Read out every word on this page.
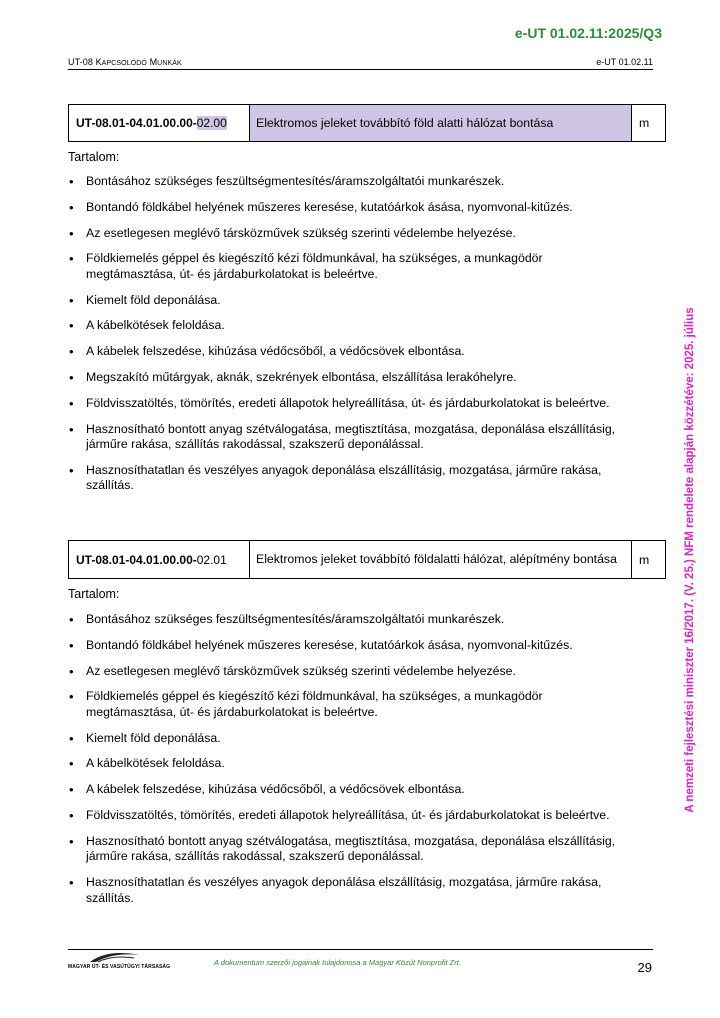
e-UT 01.02.11:2025/Q3
UT-08 KAPCSOLÓDÓ MUNKÁK	e-UT 01.02.11
A nemzeti fejlesztési miniszter 16/2017. (V. 25.) NFM rendelete alapján közzétéve: 2025. július
UT-08.01-04.01.00.00- 02.00	Elektromos jeleket továbbító föld alatti hálózat bontása	m
Tartalom:
• Bontásához szükséges feszültségmentesítés/áramszolgáltatói munkarészek.
• Bontandó földkábel helyének műszeres keresése, kutatóárkok ásása, nyomvonal-kitűzés.
• Az esetlegesen meglévő társközművek szükség szerinti védelembe helyezése.
• Földkiemelés géppel és kiegészítő kézi földmunkával, ha szükséges, a munkagödör megtámasztása, út- és járdaburkolatokat is beleértve.
• Kiemelt föld deponálása.
• A kábelkötések feloldása.
• A kábelek felszedése, kihúzása védőcsőből, a védőcsövek elbontása.
• Megszakító műtárgyak, aknák, szekrények elbontása, elszállítása lerakóhelyre.
• Földvisszatöltés, tömörítés, eredeti állapotok helyreállítása, út- és járdaburkolatokat is beleértve.
• Hasznosítható bontott anyag szétválogatása, megtisztítása, mozgatása, deponálása elszállításig, járműre rakása, szállítás rakodással, szakszerű deponálással.
• Hasznosíthatatlan és veszélyes anyagok deponálása elszállításig, mozgatása, járműre rakása, szállítás.
UT-08.01-04.01.00.00- 02.01	Elektromos jeleket továbbító földalatti hálózat, alépítmény bontása	m
Tartalom:
• Bontásához szükséges feszültségmentesítés/áramszolgáltatói munkarészek.
• Bontandó földkábel helyének műszeres keresése, kutatóárkok ásása, nyomvonal-kitűzés.
• Az esetlegesen meglévő társközművek szükség szerinti védelembe helyezése.
• Földkiemelés géppel és kiegészítő kézi földmunkával, ha szükséges, a munkagödör megtámasztása, út- és járdaburkolatokat is beleértve.
• Kiemelt föld deponálása.
• A kábelkötések feloldása.
• A kábelek felszedése, kihúzása védőcsőből, a védőcsövek elbontása.
• Földvisszatöltés, tömörítés, eredeti állapotok helyreállítása, út- és járdaburkolatokat is beleértve.
• Hasznosítható bontott anyag szétválogatása, megtisztítása, mozgatása, deponálása elszállításig, járműre rakása, szállítás rakodással, szakszerű deponálással.
• Hasznosíthatatlan és veszélyes anyagok deponálása elszállításig, mozgatása, járműre rakása, szállítás.
MAGYAR ÚT- ÉS VASÚTÜGYI TÁRSASÁG	A dokumentum szerzői jogainak tulajdonosa a Magyar Közút Nonprofit Zrt.	29
